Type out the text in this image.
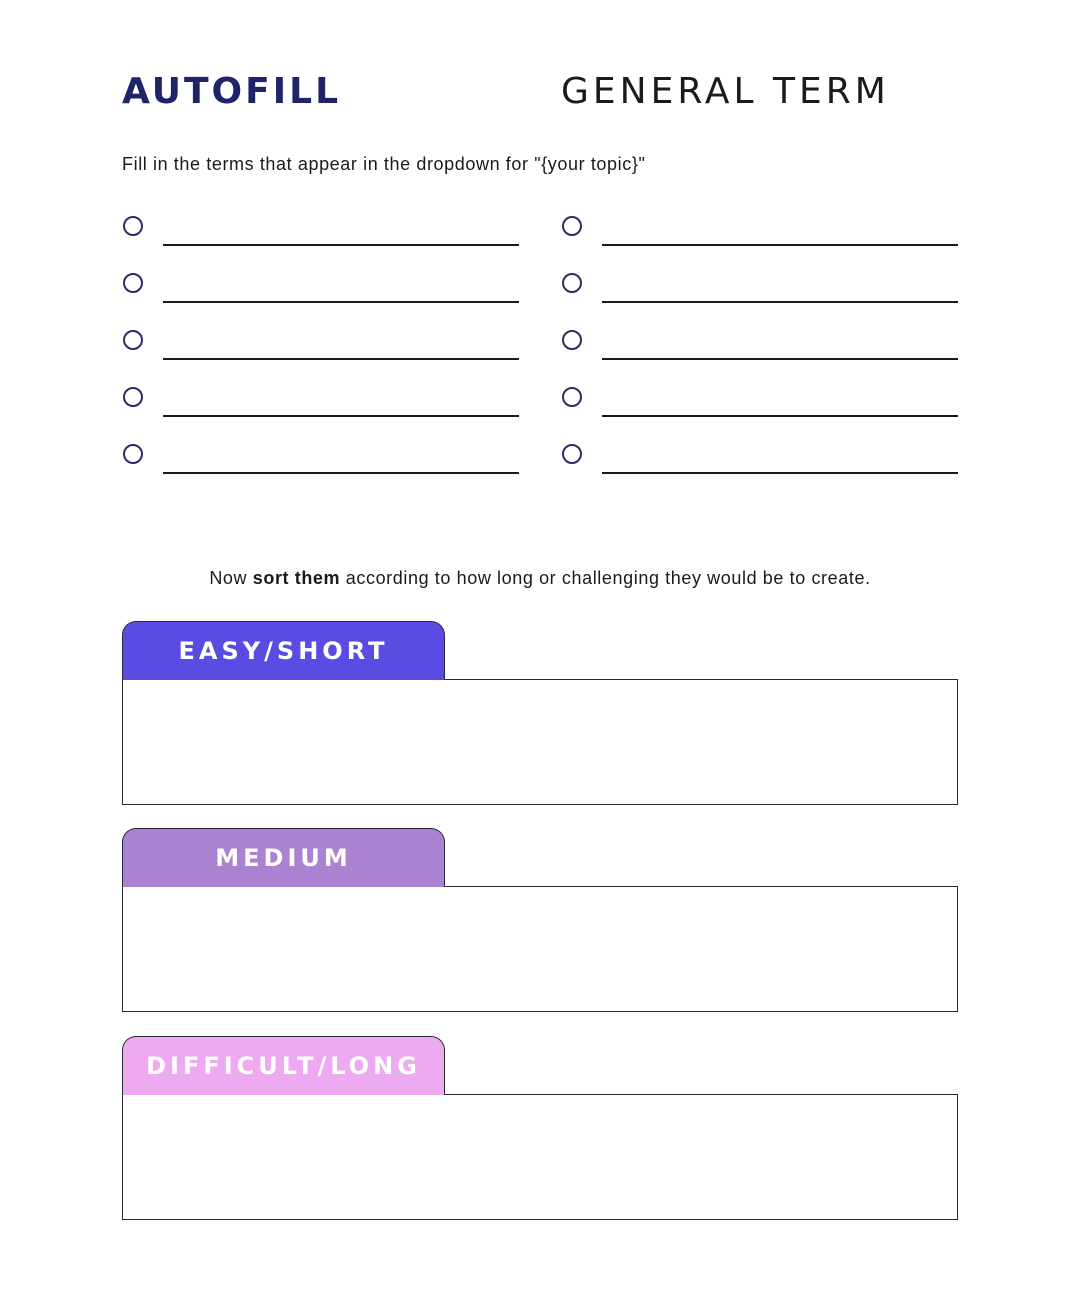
AUTOFILL	GENERAL TERM
Fill in the terms that appear in the dropdown for "{your topic}"
Now sort them according to how long or challenging they would be to create.
EASY/SHORT
MEDIUM
DIFFICULT/LONG
